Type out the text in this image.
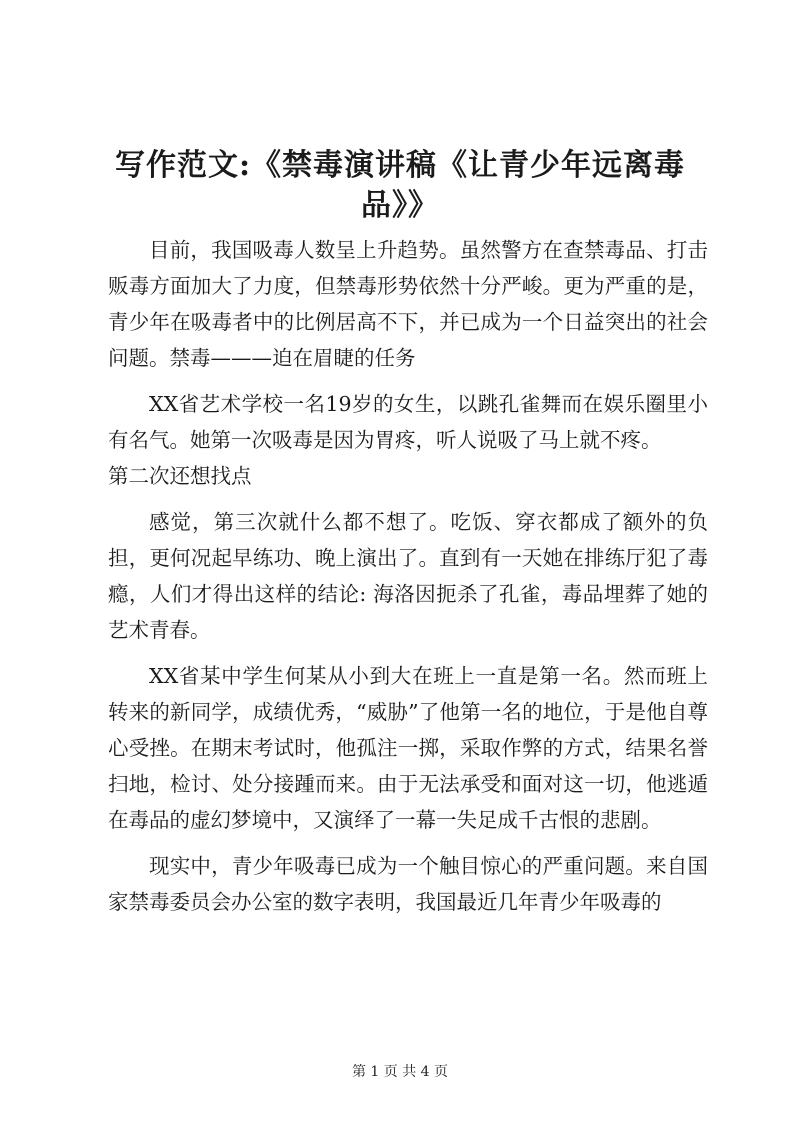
写作范文:《禁毒演讲稿《让青少年远离毒品》》

目前，我国吸毒人数呈上升趋势。虽然警方在查禁毒品、打击贩毒方面加大了力度，但禁毒形势依然十分严峻。更为严重的是，青少年在吸毒者中的比例居高不下，并已成为一个日益突出的社会问题。禁毒———迫在眉睫的任务

XX省艺术学校一名19岁的女生，以跳孔雀舞而在娱乐圈里小有名气。她第一次吸毒是因为胃疼，听人说吸了马上就不疼。

第二次还想找点

感觉，第三次就什么都不想了。吃饭、穿衣都成了额外的负担，更何况起早练功、晚上演出了。直到有一天她在排练厅犯了毒瘾，人们才得出这样的结论: 海洛因扼杀了孔雀，毒品埋葬了她的艺术青春。

XX省某中学生何某从小到大在班上一直是第一名。然而班上转来的新同学，成绩优秀，“威胁”了他第一名的地位，于是他自尊心受挫。在期末考试时，他孤注一掷，采取作弊的方式，结果名誉扫地，检讨、处分接踵而来。由于无法承受和面对这一切，他逃遁在毒品的虚幻梦境中，又演绎了一幕一失足成千古恨的悲剧。

现实中，青少年吸毒已成为一个触目惊心的严重问题。来自国家禁毒委员会办公室的数字表明，我国最近几年青少年吸毒的

第 1 页 共 4 页
